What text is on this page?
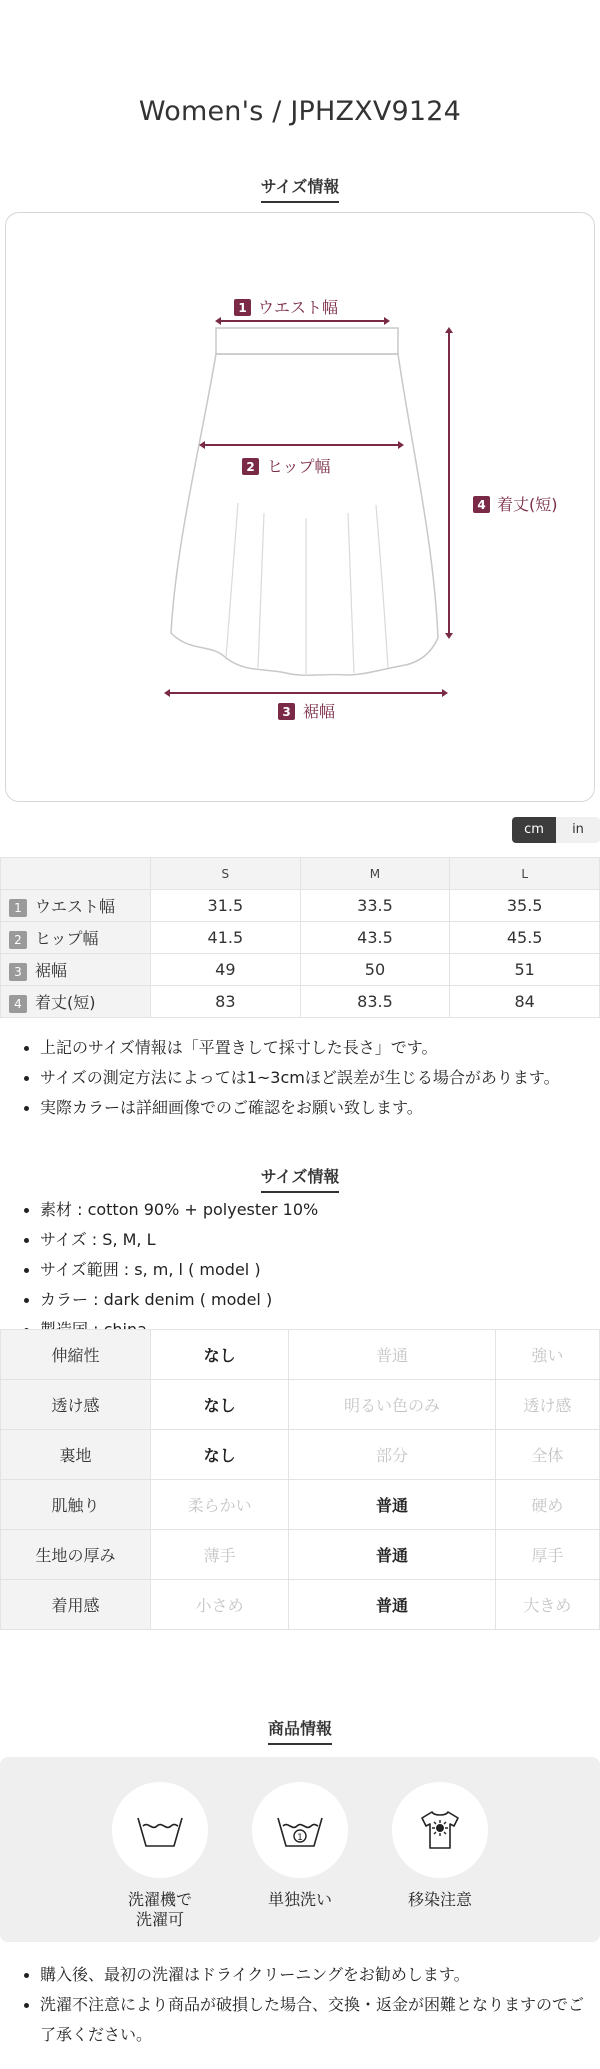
Women's / JPHZXV9124
サイズ情報
1 ウエスト幅
2 ヒップ幅
3 裾幅
4 着丈(短)
cm	in
	S	M	L
1 ウエスト幅	31.5	33.5	35.5
2 ヒップ幅	41.5	43.5	45.5
3 裾幅	49	50	51
4 着丈(短)	83	83.5	84
上記のサイズ情報は「平置きして採寸した長さ」です。
サイズの測定方法によっては1~3cmほど誤差が生じる場合があります。
実際カラーは詳細画像でのご確認をお願い致します。
サイズ情報
素材 : cotton 90% + polyester 10%
サイズ : S, M, L
サイズ範囲 : s, m, l ( model )
カラー : dark denim ( model )
伸縮性	なし	普通	強い
透け感	なし	明るい色のみ	透け感
裏地	なし	部分	全体
肌触り	柔らかい	普通	硬め
生地の厚み	薄手	普通	厚手
着用感	小さめ	普通	大きめ
商品情報
洗濯機で
洗濯可
1
単独洗い	移染注意
購入後、最初の洗濯はドライクリーニングをお勧めします。
洗濯不注意により商品が破損した場合、交換・返金が困難となりますのでご了承ください。
